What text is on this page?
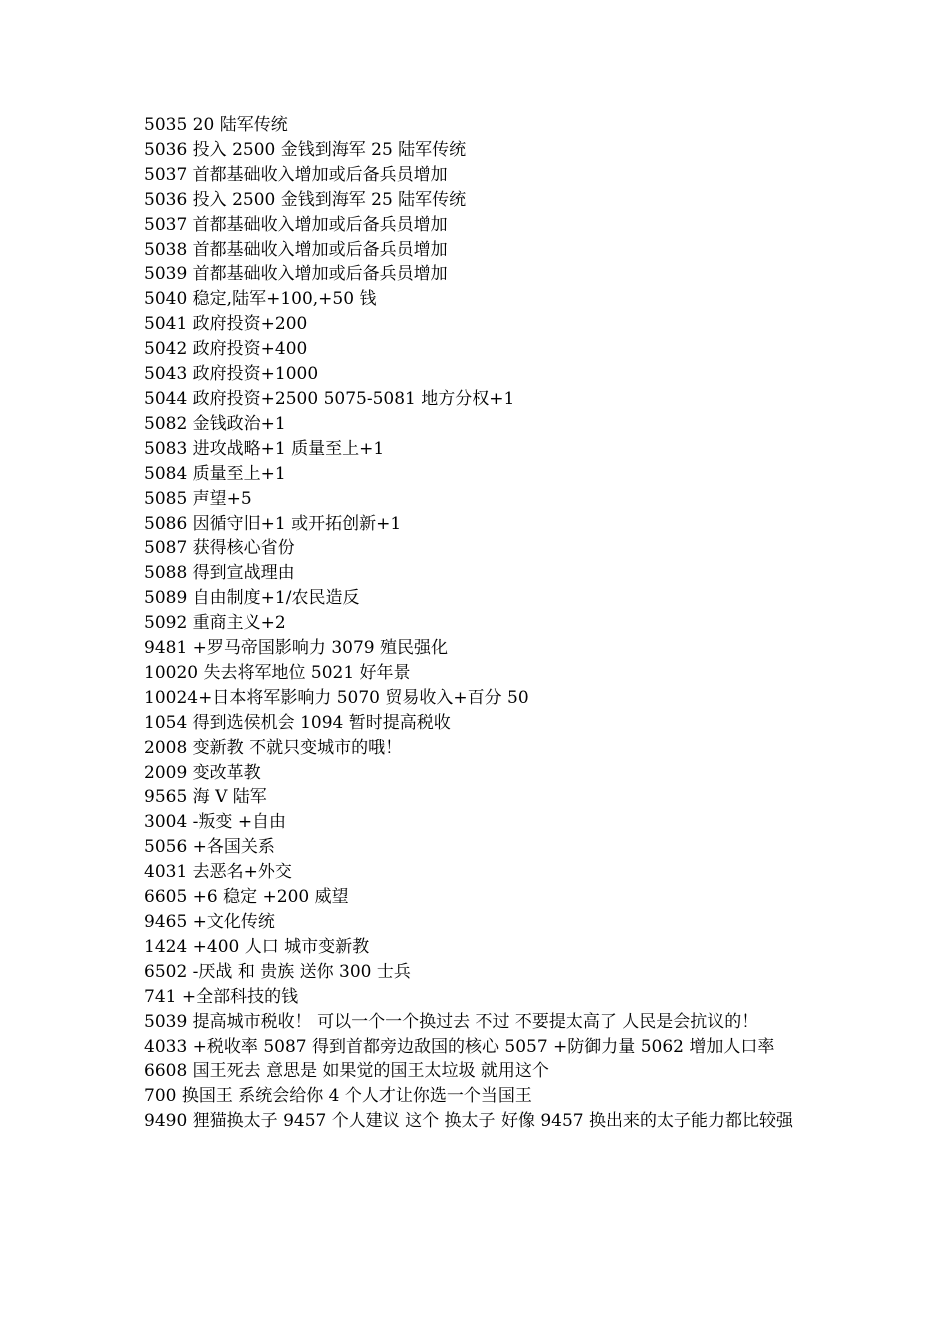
5035 20 陆军传统

5036 投入 2500 金钱到海军 25 陆军传统

5037 首都基础收入增加或后备兵员增加

5036 投入 2500 金钱到海军 25 陆军传统

5037 首都基础收入增加或后备兵员增加

5038 首都基础收入增加或后备兵员增加

5039 首都基础收入增加或后备兵员增加

5040 稳定,陆军+100,+50 钱

5041 政府投资+200

5042 政府投资+400

5043 政府投资+1000

5044 政府投资+2500 5075-5081 地方分权+1

5082 金钱政治+1

5083 进攻战略+1 质量至上+1

5084 质量至上+1

5085 声望+5

5086 因循守旧+1 或开拓创新+1

5087 获得核心省份

5088 得到宣战理由

5089 自由制度+1/农民造反

5092 重商主义+2

9481 +罗马帝国影响力 3079 殖民强化

10020 失去将军地位 5021 好年景

10024+日本将军影响力 5070 贸易收入+百分 50

1054 得到选侯机会 1094 暂时提高税收

2008 变新教 不就只变城市的哦！

2009 变改革教

9565 海 V 陆军

3004 -叛变 +自由

5056 +各国关系

4031 去恶名+外交

6605 +6 稳定 +200 威望

9465 +文化传统

1424 +400 人口 城市变新教

6502 -厌战 和 贵族 送你 300 士兵

741 +全部科技的钱

5039 提高城市税收！ 可以一个一个换过去 不过 不要提太高了 人民是会抗议的！

4033 +税收率 5087 得到首都旁边敌国的核心 5057 +防御力量 5062 增加人口率

6608 国王死去 意思是 如果觉的国王太垃圾 就用这个

700 换国王 系统会给你 4 个人才让你选一个当国王

9490 狸猫换太子 9457 个人建议 这个 换太子 好像 9457 换出来的太子能力都比较强
